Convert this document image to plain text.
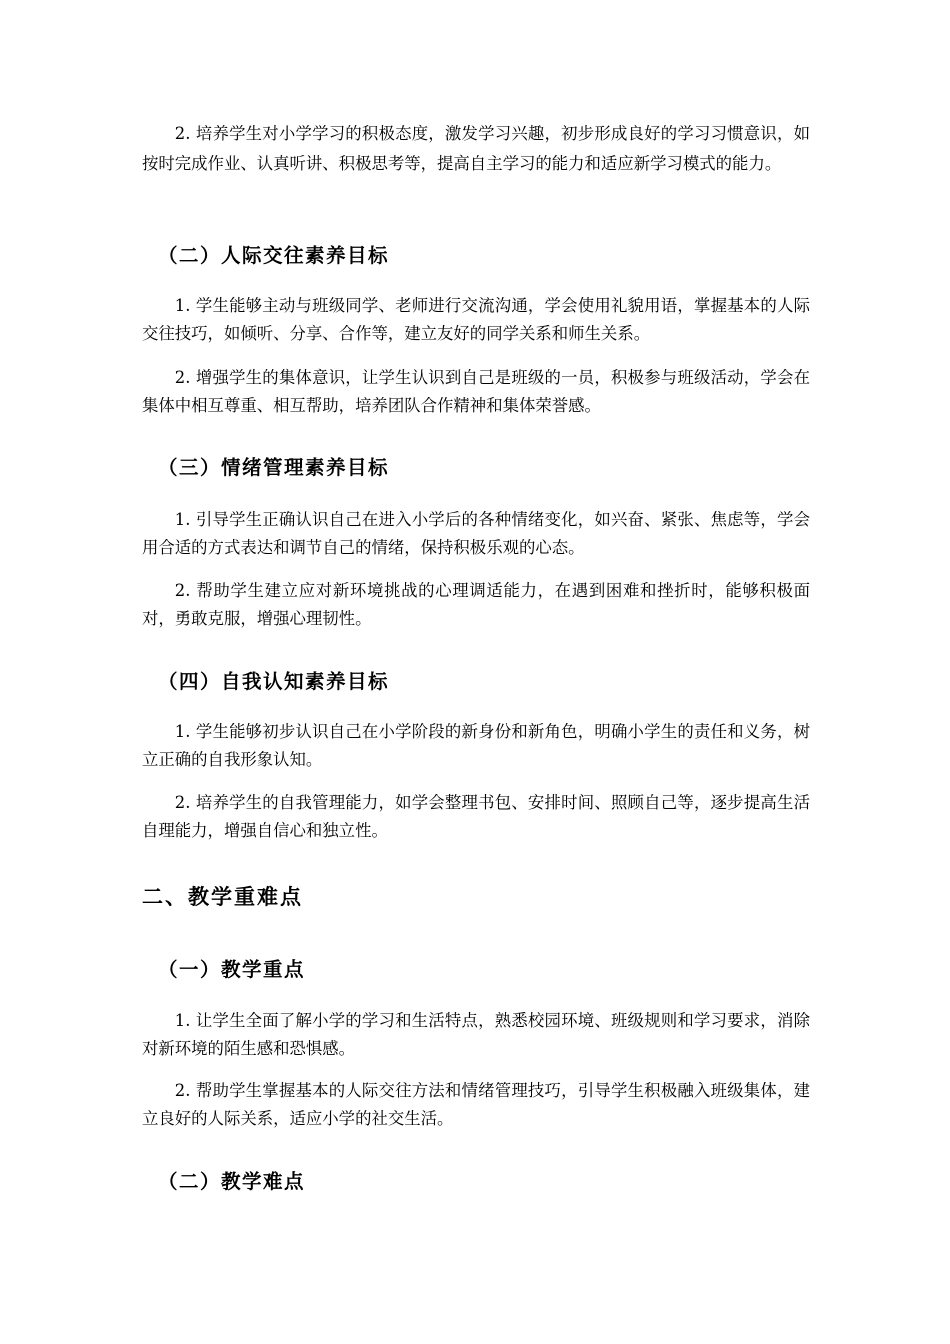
2. 培养学生对小学学习的积极态度，激发学习兴趣，初步形成良好的学习习惯意识，如按时完成作业、认真听讲、积极思考等，提高自主学习的能力和适应新学习模式的能力。

（二）人际交往素养目标

1. 学生能够主动与班级同学、老师进行交流沟通，学会使用礼貌用语，掌握基本的人际交往技巧，如倾听、分享、合作等，建立友好的同学关系和师生关系。

2. 增强学生的集体意识，让学生认识到自己是班级的一员，积极参与班级活动，学会在集体中相互尊重、相互帮助，培养团队合作精神和集体荣誉感。

（三）情绪管理素养目标

1. 引导学生正确认识自己在进入小学后的各种情绪变化，如兴奋、紧张、焦虑等，学会用合适的方式表达和调节自己的情绪，保持积极乐观的心态。

2. 帮助学生建立应对新环境挑战的心理调适能力，在遇到困难和挫折时，能够积极面对，勇敢克服，增强心理韧性。

（四）自我认知素养目标

1. 学生能够初步认识自己在小学阶段的新身份和新角色，明确小学生的责任和义务，树立正确的自我形象认知。

2. 培养学生的自我管理能力，如学会整理书包、安排时间、照顾自己等，逐步提高生活自理能力，增强自信心和独立性。

二、教学重难点
（一）教学重点

1. 让学生全面了解小学的学习和生活特点，熟悉校园环境、班级规则和学习要求，消除对新环境的陌生感和恐惧感。

2. 帮助学生掌握基本的人际交往方法和情绪管理技巧，引导学生积极融入班级集体，建立良好的人际关系，适应小学的社交生活。

（二）教学难点
